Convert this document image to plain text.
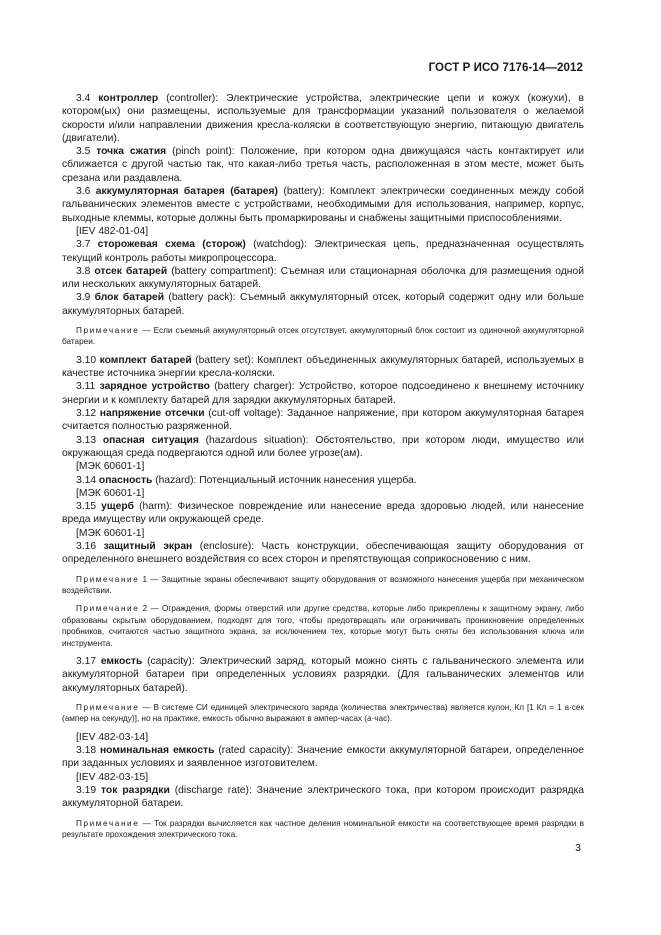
ГОСТ Р ИСО 7176-14—2012

3.4 контроллер (controller): Электрические устройства, электрические цепи и кожух (кожухи), в котором(ых) они размещены, используемые для трансформации указаний пользователя о желаемой скорости и/или направлении движения кресла-коляски в соответствующую энергию, питающую двигатель (двигатели).

3.5 точка сжатия (pinch point): Положение, при котором одна движущаяся часть контактирует или сближается с другой частью так, что какая-либо третья часть, расположенная в этом месте, может быть срезана или раздавлена.

3.6 аккумуляторная батарея (батарея) (battery): Комплект электрически соединенных между собой гальванических элементов вместе с устройствами, необходимыми для использования, например, корпус, выходные клеммы, которые должны быть промаркированы и снабжены защитными приспособлениями.

[IEV 482-01-04]

3.7 сторожевая схема (сторож) (watchdog): Электрическая цепь, предназначенная осуществлять текущий контроль работы микропроцессора.

3.8 отсек батарей (battery compartment): Съемная или стационарная оболочка для размещения одной или нескольких аккумуляторных батарей.

3.9 блок батарей (battery pack): Съемный аккумуляторный отсек, который содержит одну или больше аккумуляторных батарей.

Примечание — Если съемный аккумуляторный отсек отсутствует, аккумуляторный блок состоит из одиночной аккумуляторной батареи.

3.10 комплект батарей (battery set): Комплект объединенных аккумуляторных батарей, используемых в качестве источника энергии кресла-коляски.

3.11 зарядное устройство (battery charger): Устройство, которое подсоединено к внешнему источнику энергии и к комплекту батарей для зарядки аккумуляторных батарей.

3.12 напряжение отсечки (cut-off voltage): Заданное напряжение, при котором аккумуляторная батарея считается полностью разряженной.

3.13 опасная ситуация (hazardous situation): Обстоятельство, при котором люди, имущество или окружающая среда подвергаются одной или более угрозе(ам).

[МЭК 60601-1]

3.14 опасность (hazard): Потенциальный источник нанесения ущерба.

[МЭК 60601-1]

3.15 ущерб (harm): Физическое повреждение или нанесение вреда здоровью людей, или нанесение вреда имуществу или окружающей среде.

[МЭК 60601-1]

3.16 защитный экран (enclosure): Часть конструкции, обеспечивающая защиту оборудования от определенного внешнего воздействия со всех сторон и препятствующая соприкосновению с ним.

Примечание 1 — Защитные экраны обеспечивают защиту оборудования от возможного нанесения ущерба при механическом воздействии.

Примечание 2 — Ограждения, формы отверстий или другие средства, которые либо прикреплены к защитному экрану, либо образованы скрытым оборудованием, подходят для того, чтобы предотвращать или ограничивать проникновение определенных пробников, считаются частью защитного экрана, за исключением тех, которые могут быть сняты без использования ключа или инструмента.

3.17 емкость (capacity): Электрический заряд, который можно снять с гальванического элемента или аккумуляторной батареи при определенных условиях разрядки. (Для гальванических элементов или аккумуляторных батарей).

Примечание — В системе СИ единицей электрического заряда (количества электричества) является кулон, Кл [1 Кл = 1 а·сек (ампер на секунду)], но на практике, емкость обычно выражают в ампер-часах (а·час).

[IEV 482-03-14]

3.18 номинальная емкость (rated capacity): Значение емкости аккумуляторной батареи, определенное при заданных условиях и заявленное изготовителем.

[IEV 482-03-15]

3.19 ток разрядки (discharge rate): Значение электрического тока, при котором происходит разрядка аккумуляторной батареи.

Примечание — Ток разрядки вычисляется как частное деления номинальной емкости на соответствующее время разрядки в результате прохождения электрического тока.

3
